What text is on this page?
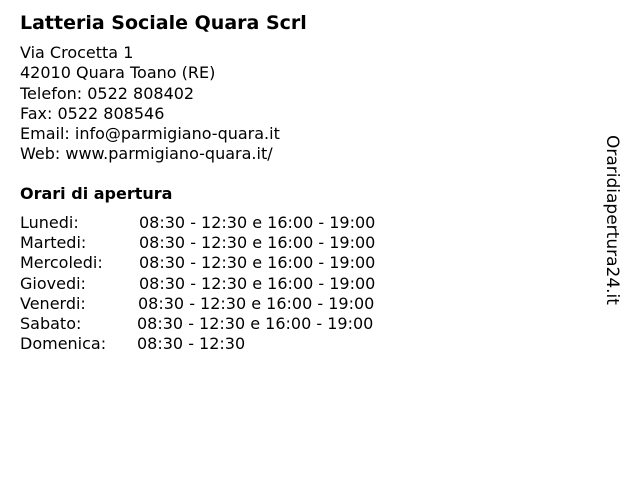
Latteria Sociale Quara Scrl
Via Crocetta 1
42010 Quara Toano (RE)
Telefon: 0522 808402
Fax: 0522 808546
Email: info@parmigiano-quara.it
Web: www.parmigiano-quara.it/
Orari di apertura
Lunedi:	08:30 - 12:30 e 16:00 - 19:00
Martedi:	08:30 - 12:30 e 16:00 - 19:00
Mercoledi: 08:30 - 12:30 e 16:00 - 19:00
Giovedi:	08:30 - 12:30 e 16:00 - 19:00
Venerdi:	08:30 - 12:30 e 16:00 - 19:00
Sabato:	08:30 - 12:30 e 16:00 - 19:00
Domenica: 08:30 - 12:30
Oraridiapertura24.it
